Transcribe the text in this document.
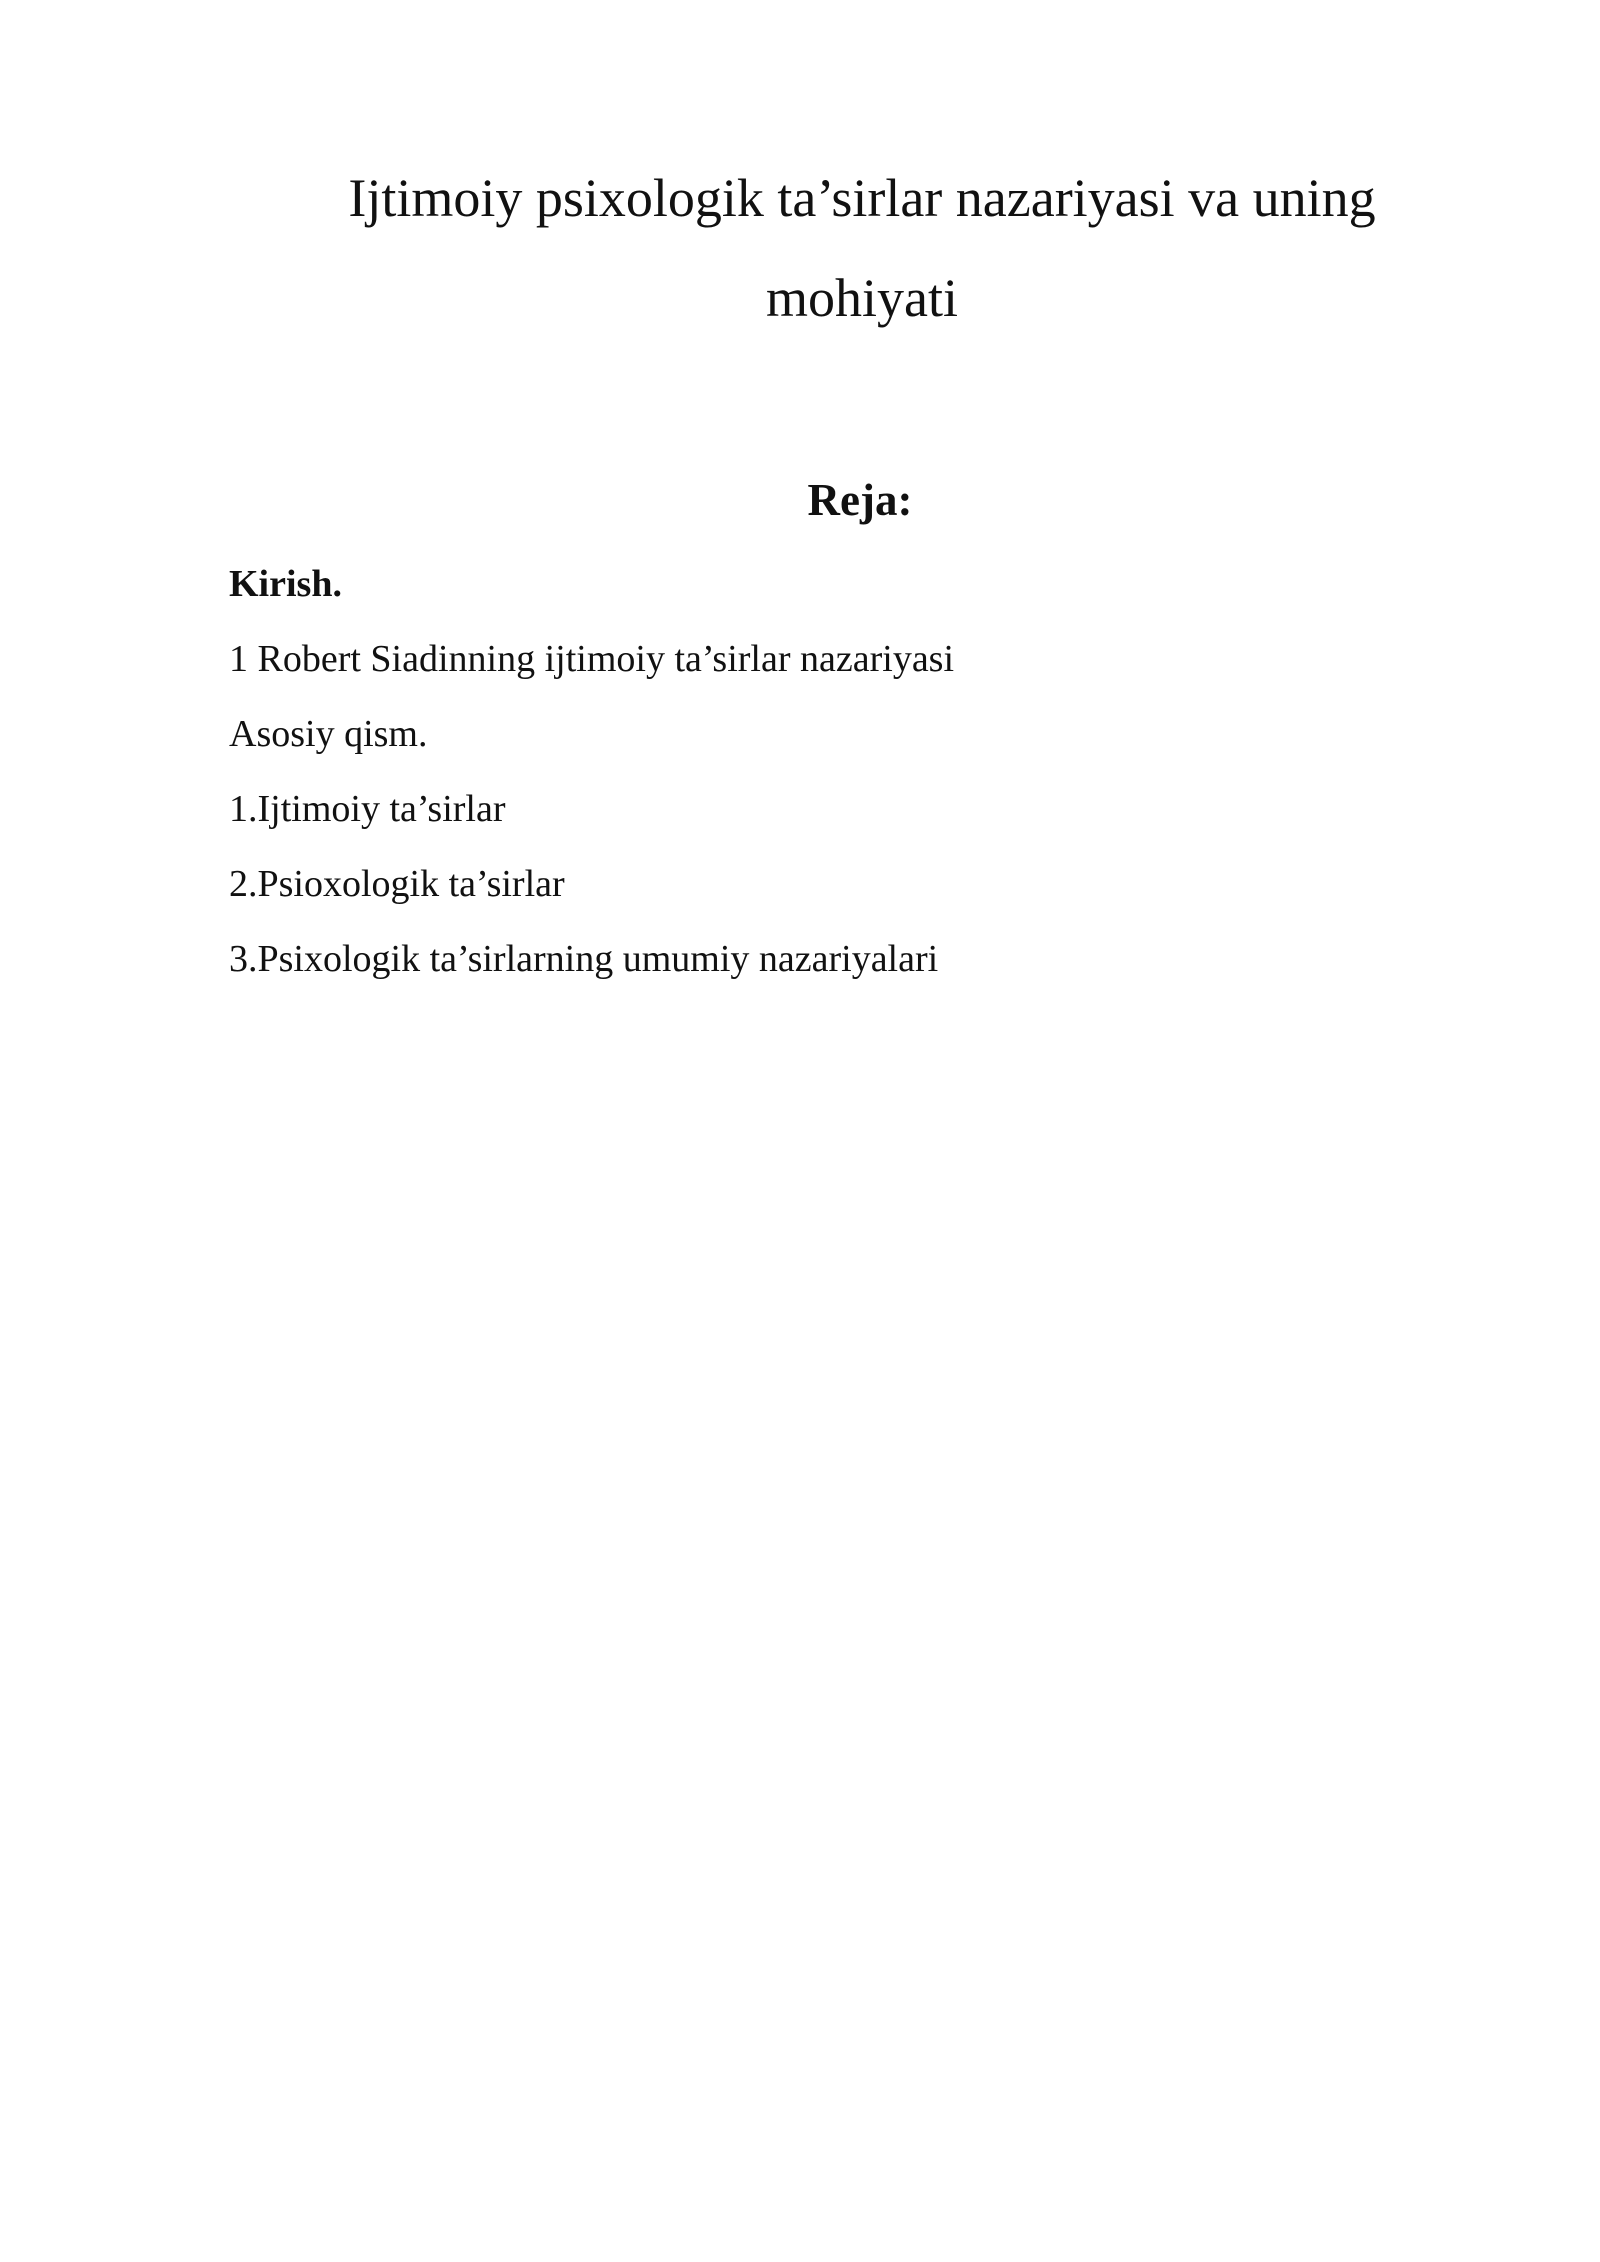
Ijtimoiy psixologik ta’sirlar nazariyasi va uning mohiyati
Reja:
Kirish.
1 Robert Siadinning ijtimoiy ta’sirlar nazariyasi
Asosiy qism.
1.Ijtimoiy ta’sirlar
2.Psioxologik ta’sirlar
3.Psixologik ta’sirlarning umumiy nazariyalari
